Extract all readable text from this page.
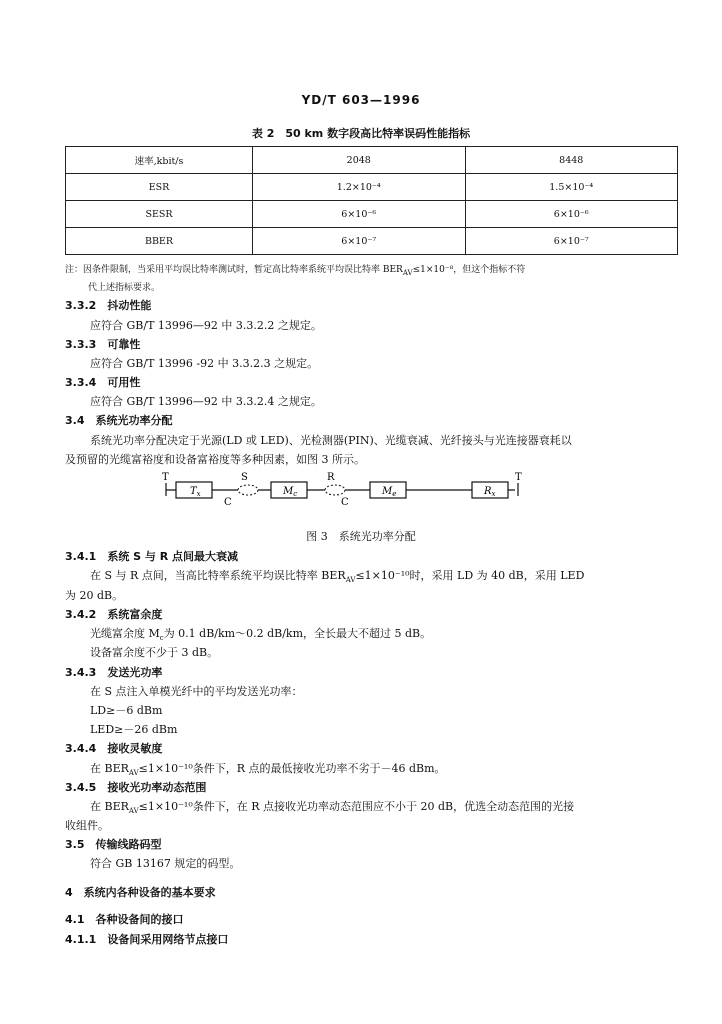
YD/T 603—1996
表 2　50 km 数字段高比特率误码性能指标
速率,kbit/s	2048	8448
ESR	1.2×10⁻⁴	1.5×10⁻⁴
SESR	6×10⁻⁶	6×10⁻⁶
BBER	6×10⁻⁷	6×10⁻⁷
注：因条件限制，当采用平均误比特率测试时，暂定高比特率系统平均误比特率 $BER_{AV}\le 1\times 10^{-8}$，但这个指标不符
代上述指标要求。
3.3.2　 抖动性能
应符合 GB/T 13996—92 中 3.3.2.2 之规定。
3.3.3　 可靠性
应符合 GB/T 13996 -92 中 3.3.2.3 之规定。
3.3.4　 可用性
应符合 GB/T 13996—92 中 3.3.2.4 之规定。
3.4　 系统光功率分配
系统光功率分配决定于光源(LD 或 LED)、光检测器(PIN)、光缆衰减、光纤接头与光连接器衰耗以
及预留的光缆富裕度和设备富裕度等多种因素，如图 3 所示。
T	S	R	T
C	C
$T_x$	$M_c$	$M_e$	$R_x$
图 3　系统光功率分配
3.4.1　 系统 S 与 R 点间最大衰减
在 S 与 R 点间，当高比特率系统平均误比特率 $BER_{AV}\le 1\times 10^{-10}$时，采用 LD 为 40 dB，采用 LED
为 20 dB。
3.4.2　 系统富余度
光缆富余度 $M_c$为 0.1 dB/km～0.2 dB/km，全长最大不超过 5 dB。
设备富余度不少于 3 dB。
3.4.3　 发送光功率
在 S 点注入单模光纤中的平均发送光功率：
LD≥－6 dBm
LED≥－26 dBm
3.4.4　 接收灵敏度
在 $BER_{AV}\le 1\times 10^{-10}$条件下，R 点的最低接收光功率不劣于－46 dBm。
3.4.5　 接收光功率动态范围
在 $BER_{AV}\le 1\times 10^{-10}$条件下，在 R 点接收光功率动态范围应不小于 20 dB，优选全动态范围的光接
收组件。
3.5　 传输线路码型
符合 GB 13167 规定的码型。
4　 系统内各种设备的基本要求
4.1　 各种设备间的接口
4.1.1　 设备间采用网络节点接口
